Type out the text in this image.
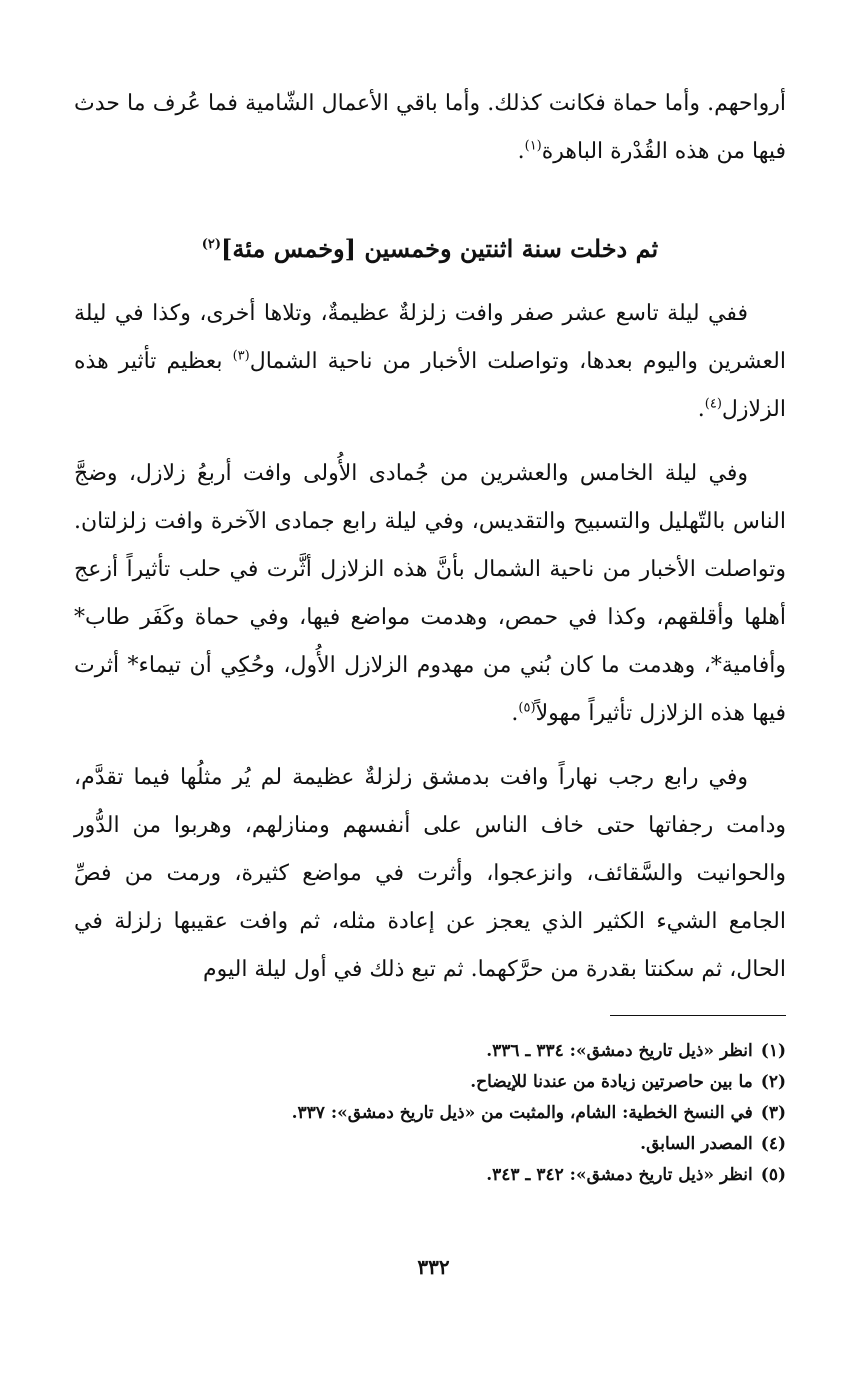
أرواحهم. وأما حماة فكانت كذلك. وأما باقي الأعمال الشّامية فما عُرف ما حدث فيها من هذه القُدْرة الباهرة$^{(١)}$.

ثم دخلت سنة اثنتين وخمسين [وخمس مئة]$^{(٢)}$

ففي ليلة تاسع عشر صفر وافت زلزلةٌ عظيمةٌ، وتلاها أخرى، وكذا في ليلة العشرين واليوم بعدها، وتواصلت الأخبار من ناحية الشمال$^{(٣)}$ بعظيم تأثير هذه الزلازل$^{(٤)}$.

وفي ليلة الخامس والعشرين من جُمادى الأُولى وافت أربعُ زلازل، وضجَّ الناس بالتّهليل والتسبيح والتقديس، وفي ليلة رابع جمادى الآخرة وافت زلزلتان. وتواصلت الأخبار من ناحية الشمال بأنَّ هذه الزلازل أثَّرت في حلب تأثيراً أزعج أهلها وأقلقهم، وكذا في حمص، وهدمت مواضع فيها، وفي حماة وكَفَر طاب* وأفامية*، وهدمت ما كان بُني من مهدوم الزلازل الأُول، وحُكِي أن تيماء* أثرت فيها هذه الزلازل تأثيراً مهولاً$^{(٥)}$.

وفي رابع رجب نهاراً وافت بدمشق زلزلةٌ عظيمة لم يُر مثلُها فيما تقدَّم، ودامت رجفاتها حتى خاف الناس على أنفسهم ومنازلهم، وهربوا من الدُّور والحوانيت والسَّقائف، وانزعجوا، وأثرت في مواضع كثيرة، ورمت من فصِّ الجامع الشيء الكثير الذي يعجز عن إعادة مثله، ثم وافت عقيبها زلزلة في الحال، ثم سكنتا بقدرة من حرَّكهما. ثم تبع ذلك في أول ليلة اليوم

(١)انظر «ذيل تاريخ دمشق»: ٣٣٤ ـ ٣٣٦.

(٢)ما بين حاصرتين زيادة من عندنا للإيضاح.

(٣)في النسخ الخطية: الشام، والمثبت من «ذيل تاريخ دمشق»: ٣٣٧.

(٤)المصدر السابق.

(٥)انظر «ذيل تاريخ دمشق»: ٣٤٢ ـ ٣٤٣.

٣٣٢
